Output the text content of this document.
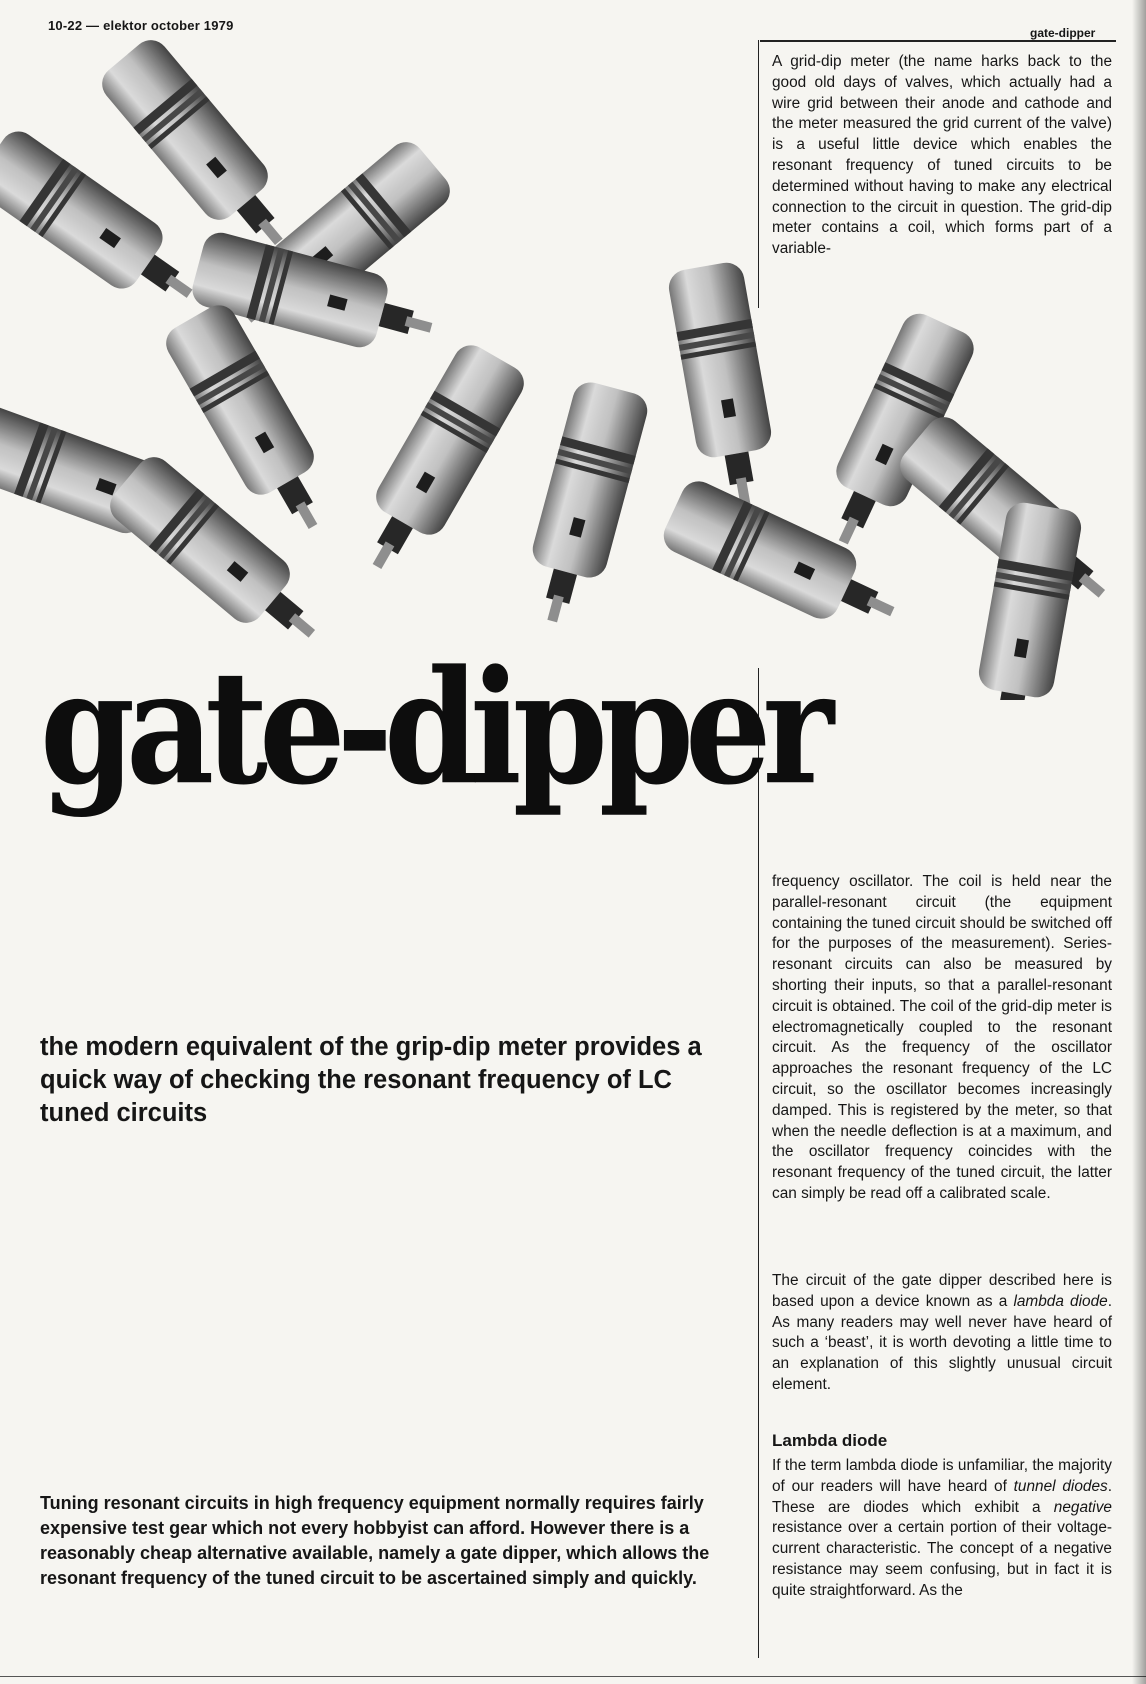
10-22 — elektor october 1979	gate-dipper
gate-dipper
A grid-dip meter (the name harks back to the good old days of valves, which actually had a wire grid between their anode and cathode and the meter measured the grid current of the valve) is a useful little device which enables the resonant frequency of tuned circuits to be determined without having to make any electrical connection to the circuit in question. The grid-dip meter contains a coil, which forms part of a variable-
the modern equivalent of the grip-dip meter provides a quick way of checking the resonant frequency of LC tuned circuits
frequency oscillator. The coil is held near the parallel-resonant circuit (the equipment containing the tuned circuit should be switched off for the purposes of the measurement). Series-resonant circuits can also be measured by shorting their inputs, so that a parallel-resonant circuit is obtained. The coil of the grid-dip meter is electromagnetically coupled to the resonant circuit. As the frequency of the oscillator approaches the resonant frequency of the LC circuit, so the oscillator becomes increasingly damped. This is registered by the meter, so that when the needle deflection is at a maximum, and the oscillator frequency coincides with the resonant frequency of the tuned circuit, the latter can simply be read off a calibrated scale.
The circuit of the gate dipper described here is based upon a device known as a lambda diode. As many readers may well never have heard of such a ‘beast’, it is worth devoting a little time to an explanation of this slightly unusual circuit element.
Lambda diode
If the term lambda diode is unfamiliar, the majority of our readers will have heard of tunnel diodes. These are diodes which exhibit a negative resistance over a certain portion of their voltage-current characteristic. The concept of a negative resistance may seem confusing, but in fact it is quite straightforward. As the
Tuning resonant circuits in high frequency equipment normally requires fairly expensive test gear which not every hobbyist can afford. However there is a reasonably cheap alternative available, namely a gate dipper, which allows the resonant frequency of the tuned circuit to be ascertained simply and quickly.
